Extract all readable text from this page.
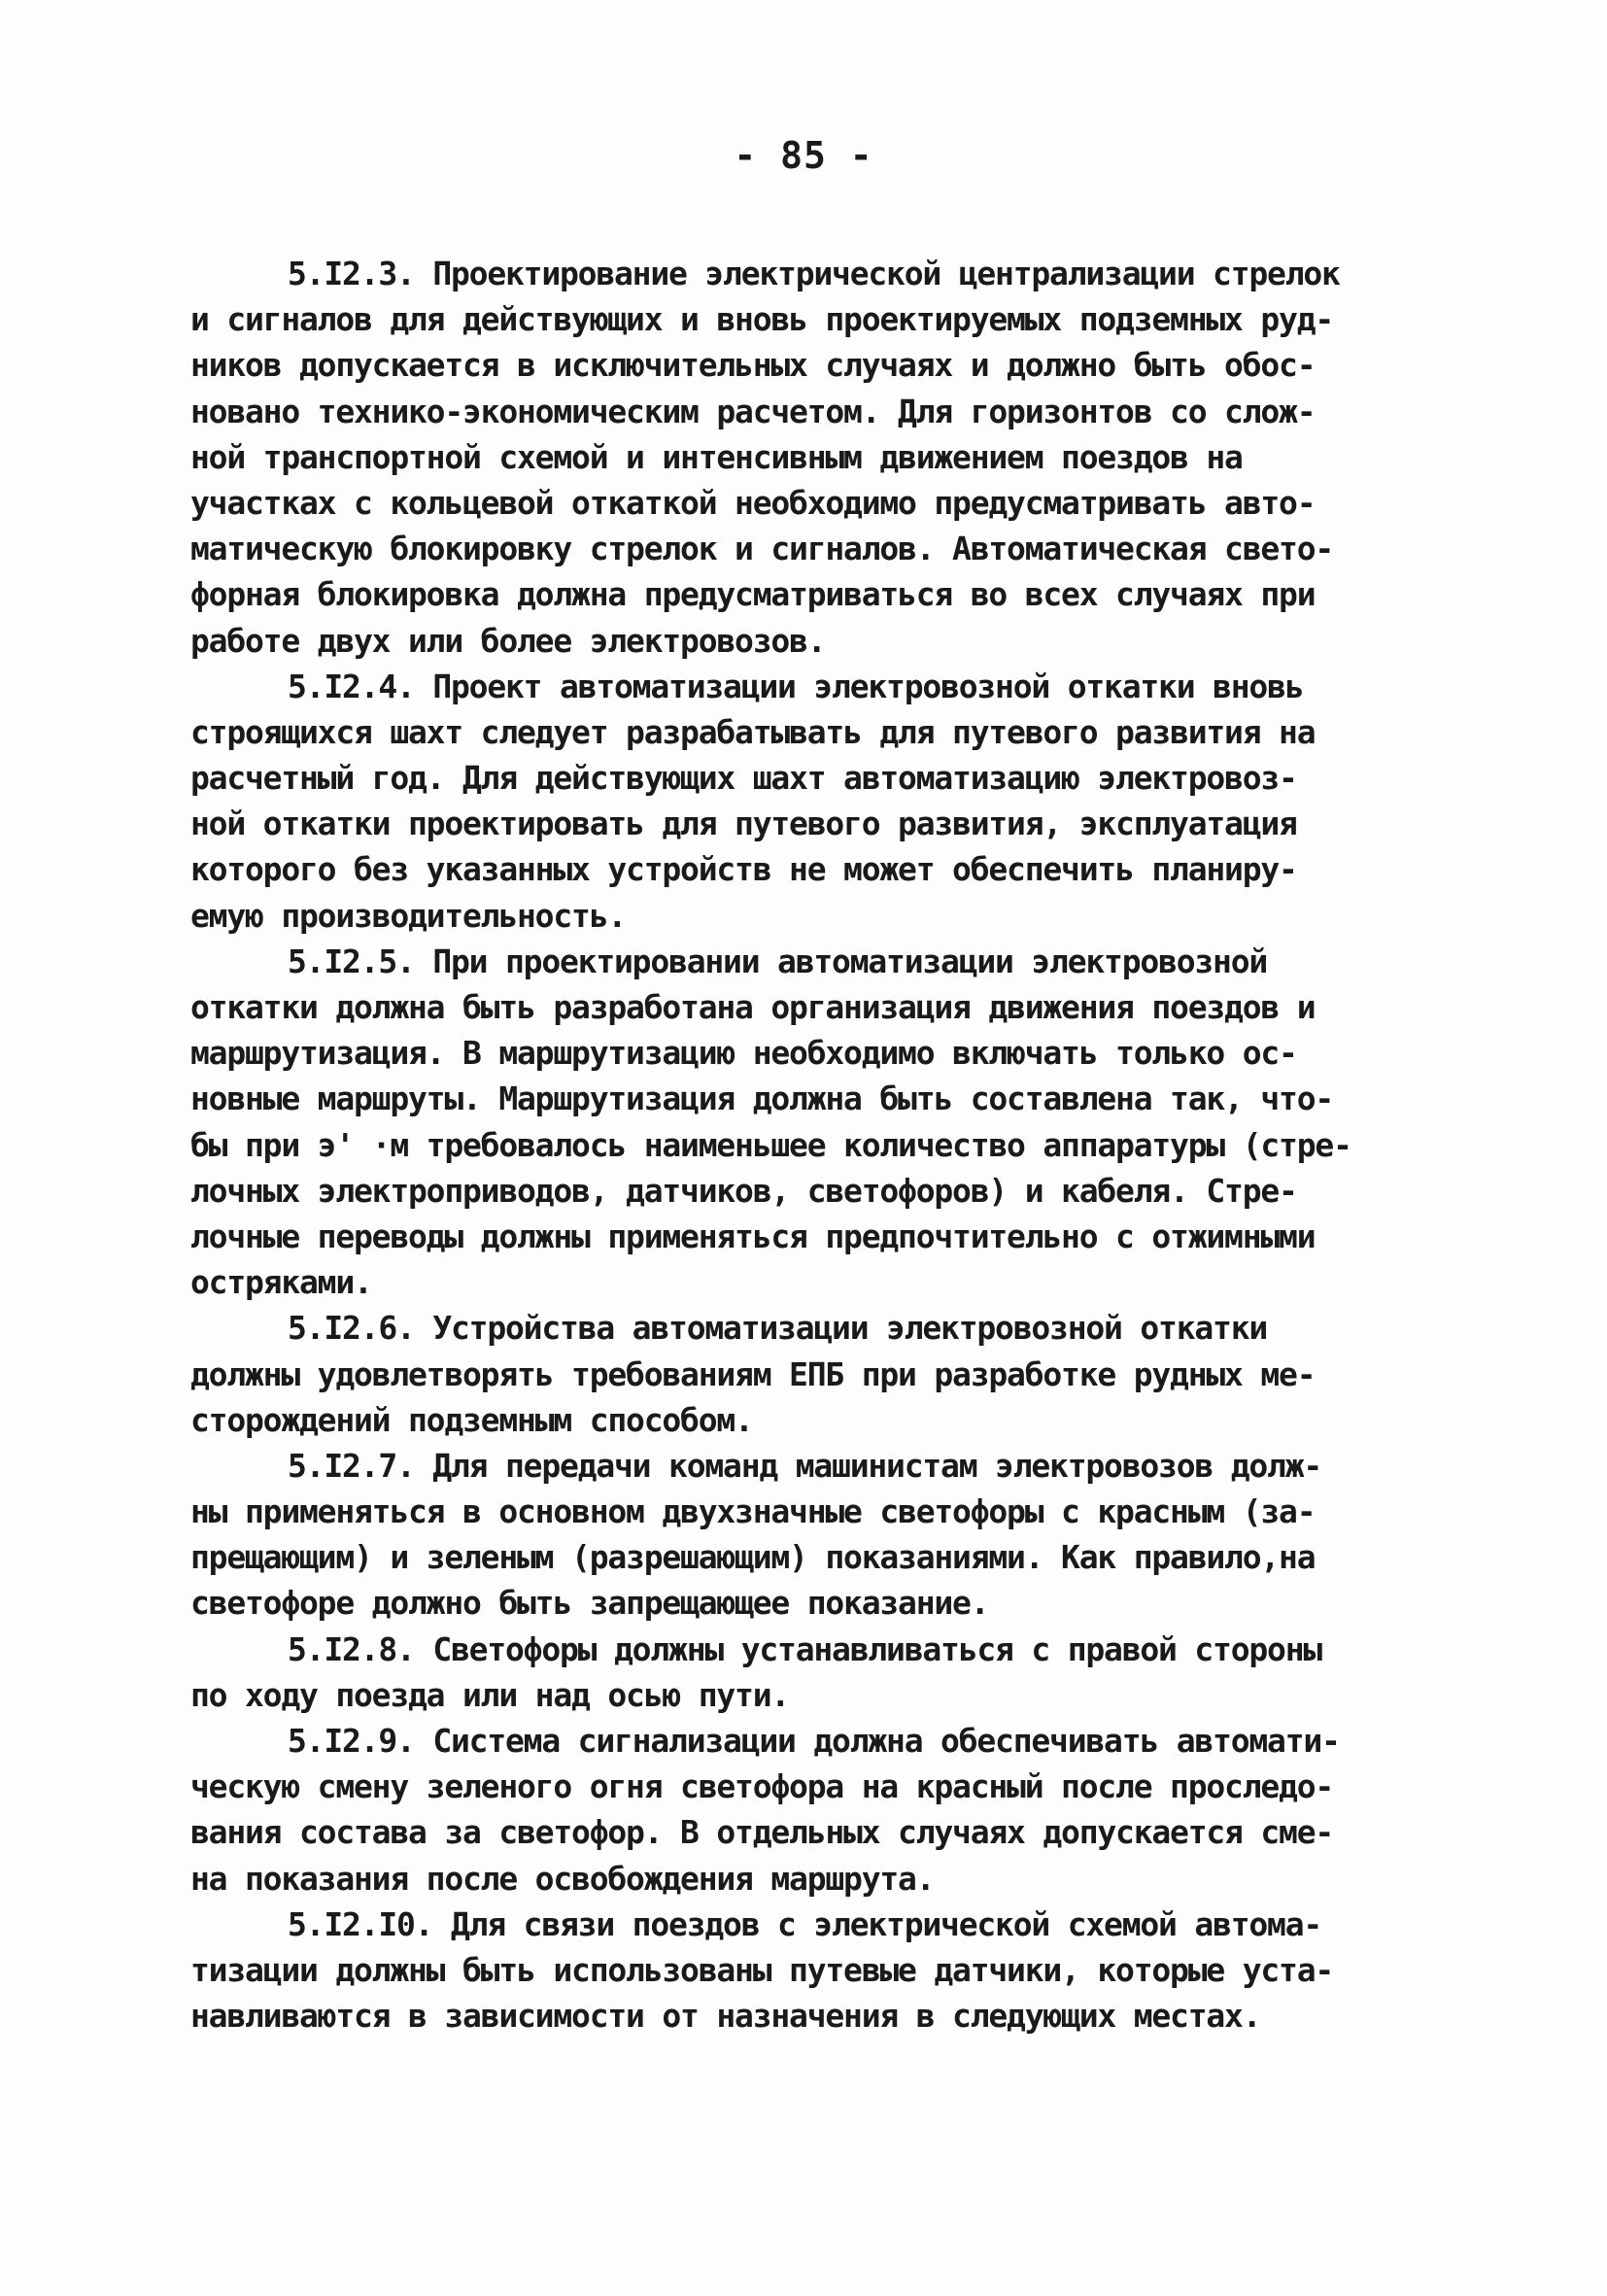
- 85 -
5.I2.3. Проектирование электрической централизации стрелок
и сигналов для действующих и вновь проектируемых подземных руд-
ников допускается в исключительных случаях и должно быть обос-
новано технико-экономическим расчетом. Для горизонтов со слож-
ной транспортной схемой и интенсивным движением поездов на
участках с кольцевой откаткой необходимо предусматривать авто-
матическую блокировку стрелок и сигналов. Автоматическая свето-
форная блокировка должна предусматриваться во всех случаях при
работе двух или более электровозов.
5.I2.4. Проект автоматизации электровозной откатки вновь
строящихся шахт следует разрабатывать для путевого развития на
расчетный год. Для действующих шахт автоматизацию электровоз-
ной откатки проектировать для путевого развития, эксплуатация
которого без указанных устройств не может обеспечить планиру-
емую производительность.
5.I2.5. При проектировании автоматизации электровозной
откатки должна быть разработана организация движения поездов и
маршрутизация. В маршрутизацию необходимо включать только ос-
новные маршруты. Маршрутизация должна быть составлена так, что-
бы при э' ·м требовалось наименьшее количество аппаратуры (стре-
лочных электроприводов, датчиков, светофоров) и кабеля. Стре-
лочные переводы должны применяться предпочтительно с отжимными
остряками.
5.I2.6. Устройства автоматизации электровозной откатки
должны удовлетворять требованиям ЕПБ при разработке рудных ме-
сторождений подземным способом.
5.I2.7. Для передачи команд машинистам электровозов долж-
ны применяться в основном двухзначные светофоры с красным (за-
прещающим) и зеленым (разрешающим) показаниями. Как правило,на
светофоре должно быть запрещающее показание.
5.I2.8. Светофоры должны устанавливаться с правой стороны
по ходу поезда или над осью пути.
5.I2.9. Система сигнализации должна обеспечивать автомати-
ческую смену зеленого огня светофора на красный после проследо-
вания состава за светофор. В отдельных случаях допускается сме-
на показания после освобождения маршрута.
5.I2.I0. Для связи поездов с электрической схемой автома-
тизации должны быть использованы путевые датчики, которые уста-
навливаются в зависимости от назначения в следующих местах.
